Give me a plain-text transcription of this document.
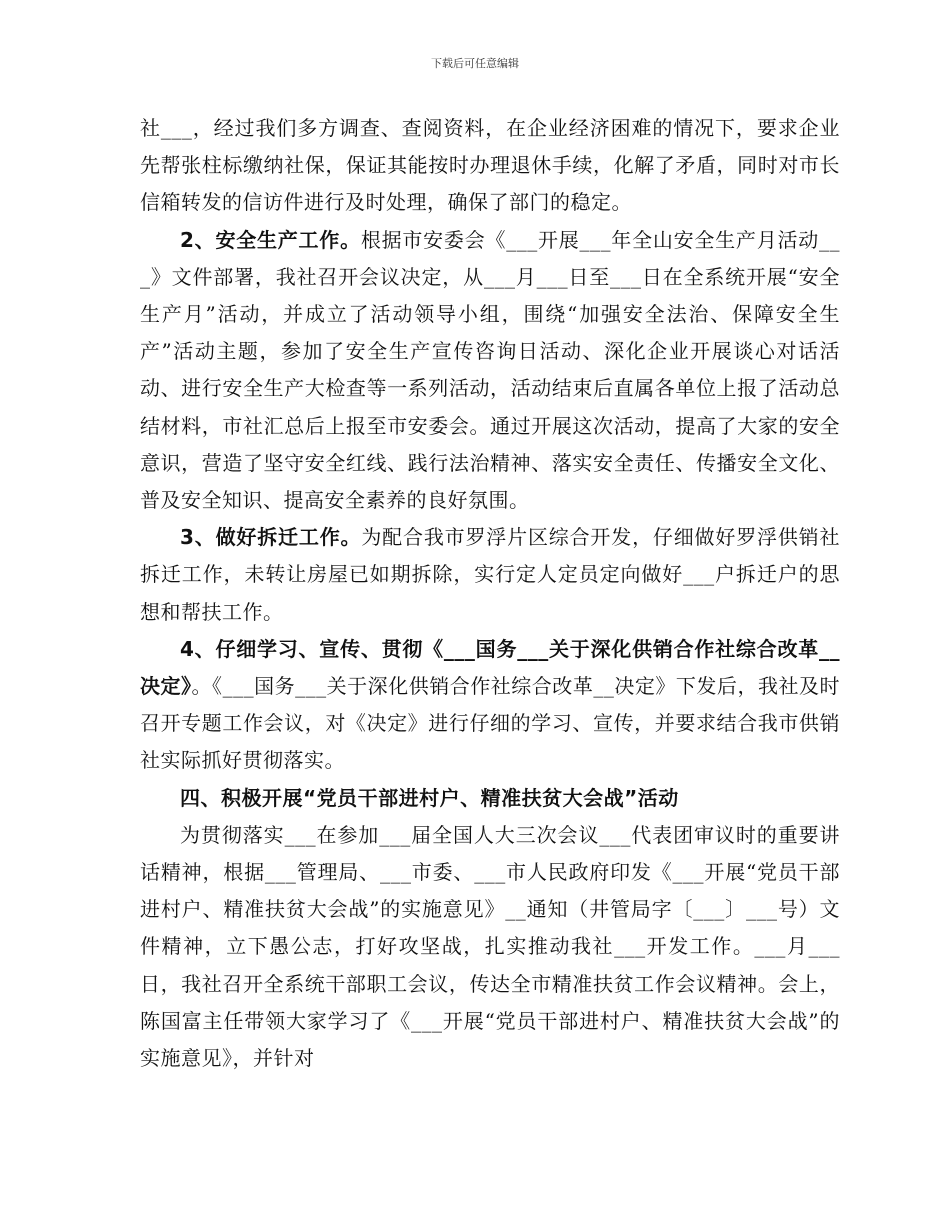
下载后可任意编辑

社___，经过我们多方调查、查阅资料，在企业经济困难的情况下，要求企业先帮张柱标缴纳社保，保证其能按时办理退休手续，化解了矛盾，同时对市长信箱转发的信访件进行及时处理，确保了部门的稳定。

2、安全生产工作。根据市安委会《___开展___年全山安全生产月活动___》文件部署，我社召开会议决定，从___月___日至___日在全系统开展“安全生产月”活动，并成立了活动领导小组，围绕“加强安全法治、保障安全生产”活动主题，参加了安全生产宣传咨询日活动、深化企业开展谈心对话活动、进行安全生产大检查等一系列活动，活动结束后直属各单位上报了活动总结材料，市社汇总后上报至市安委会。通过开展这次活动，提高了大家的安全意识，营造了坚守安全红线、践行法治精神、落实安全责任、传播安全文化、普及安全知识、提高安全素养的良好氛围。

3、做好拆迁工作。为配合我市罗浮片区综合开发，仔细做好罗浮供销社拆迁工作，未转让房屋已如期拆除，实行定人定员定向做好___户拆迁户的思想和帮扶工作。

4、仔细学习、宣传、贯彻《___国务___关于深化供销合作社综合改革__决定》。《___国务___关于深化供销合作社综合改革__决定》下发后，我社及时召开专题工作会议，对《决定》进行仔细的学习、宣传，并要求结合我市供销社实际抓好贯彻落实。

四、积极开展“党员干部进村户、精准扶贫大会战”活动

为贯彻落实___在参加___届全国人大三次会议___代表团审议时的重要讲话精神，根据___管理局、___市委、___市人民政府印发《___开展“党员干部进村户、精准扶贫大会战”的实施意见》__通知（井管局字〔___〕___号）文件精神，立下愚公志，打好攻坚战，扎实推动我社___开发工作。___月___日，我社召开全系统干部职工会议，传达全市精准扶贫工作会议精神。会上，陈国富主任带领大家学习了《___开展“党员干部进村户、精准扶贫大会战”的实施意见》，并针对
